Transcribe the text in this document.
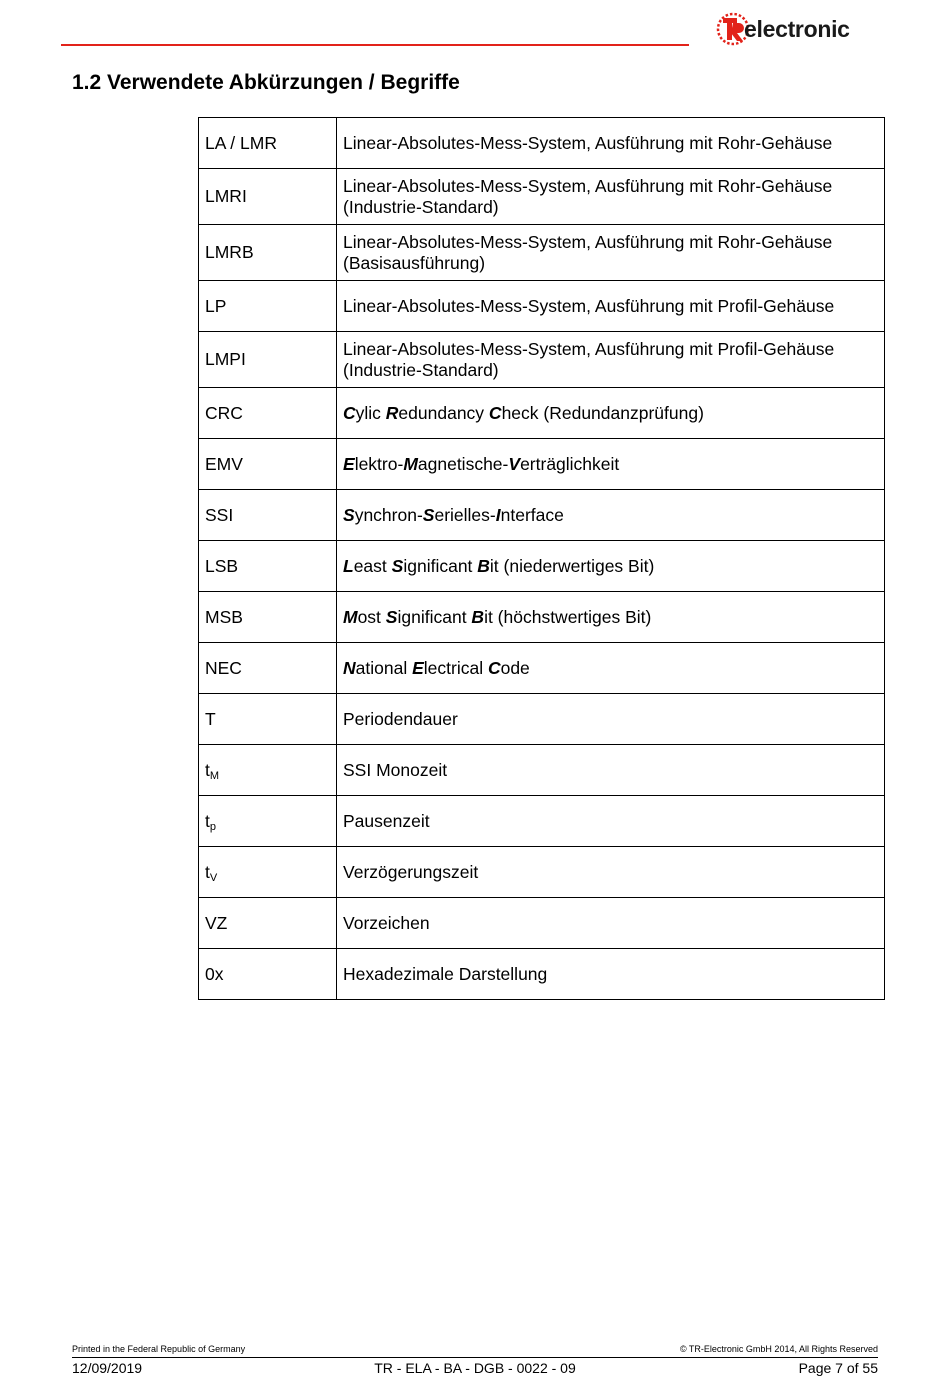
electronic
1.2 Verwendete Abkürzungen / Begriffe
LA / LMR	Linear-Absolutes-Mess-System, Ausführung mit Rohr-Gehäuse
LMRI	Linear-Absolutes-Mess-System, Ausführung mit Rohr-Gehäuse (Industrie-Standard)
LMRB	Linear-Absolutes-Mess-System, Ausführung mit Rohr-Gehäuse (Basisausführung)
LP	Linear-Absolutes-Mess-System, Ausführung mit Profil-Gehäuse
LMPI	Linear-Absolutes-Mess-System, Ausführung mit Profil-Gehäuse (Industrie-Standard)
CRC	Cylic Redundancy Check (Redundanzprüfung)
EMV	Elektro-Magnetische-Verträglichkeit
SSI	Synchron-Serielles-Interface
LSB	Least Significant Bit (niederwertiges Bit)
MSB	Most Significant Bit (höchstwertiges Bit)
NEC	National Electrical Code
T	Periodendauer
$t_M$	SSI Monozeit
$t_p$	Pausenzeit
$t_V$	Verzögerungszeit
VZ	Vorzeichen
0x	Hexadezimale Darstellung
Printed in the Federal Republic of Germany	© TR-Electronic GmbH 2014, All Rights Reserved
TR - ELA - BA - DGB - 0022 - 09
12/09/2019	Page 7 of 55
